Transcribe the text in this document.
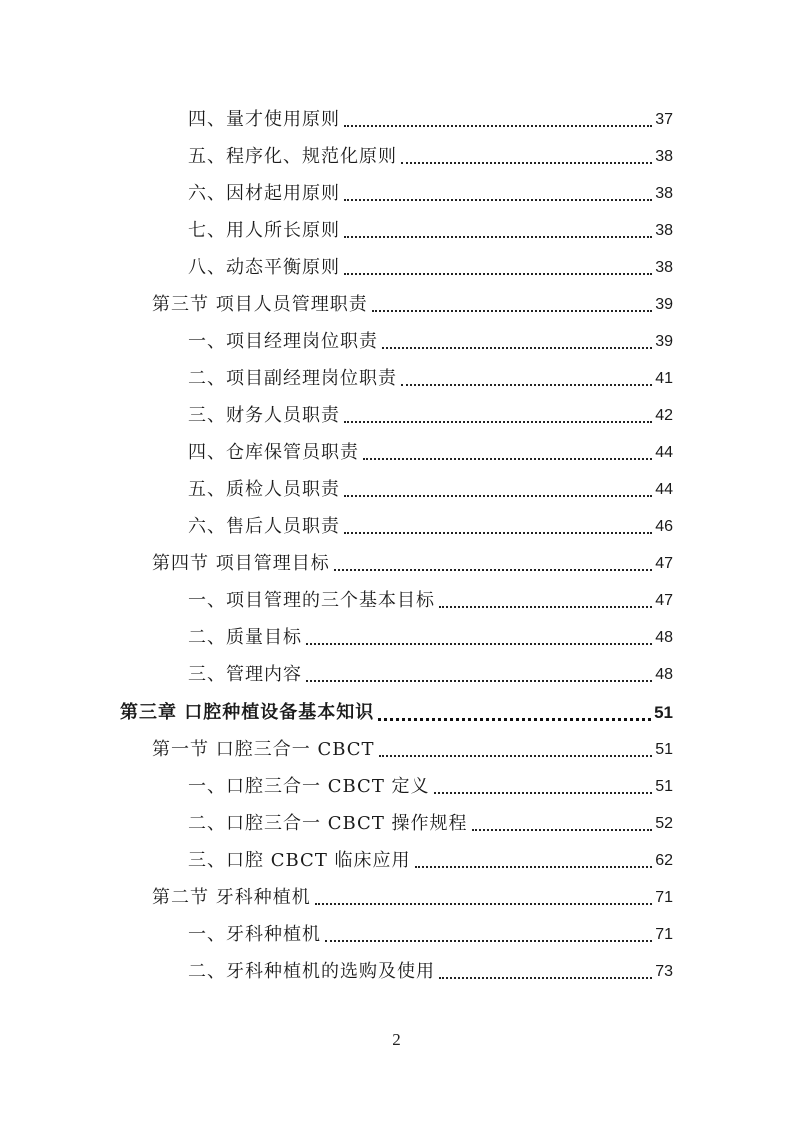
四、量才使用原则	37
五、程序化、规范化原则	38
六、因材起用原则	38
七、用人所长原则	38
八、动态平衡原则	38
第三节 项目人员管理职责	39
一、项目经理岗位职责	39
二、项目副经理岗位职责	41
三、财务人员职责	42
四、仓库保管员职责	44
五、质检人员职责	44
六、售后人员职责	46
第四节 项目管理目标	47
一、项目管理的三个基本目标	47
二、质量目标	48
三、管理内容	48
第三章 口腔种植设备基本知识	51
第一节 口腔三合一 CBCT	51
一、口腔三合一 CBCT 定义	51
二、口腔三合一 CBCT 操作规程	52
三、口腔 CBCT 临床应用	62
第二节 牙科种植机	71
一、牙科种植机	71
二、牙科种植机的选购及使用	73
2
